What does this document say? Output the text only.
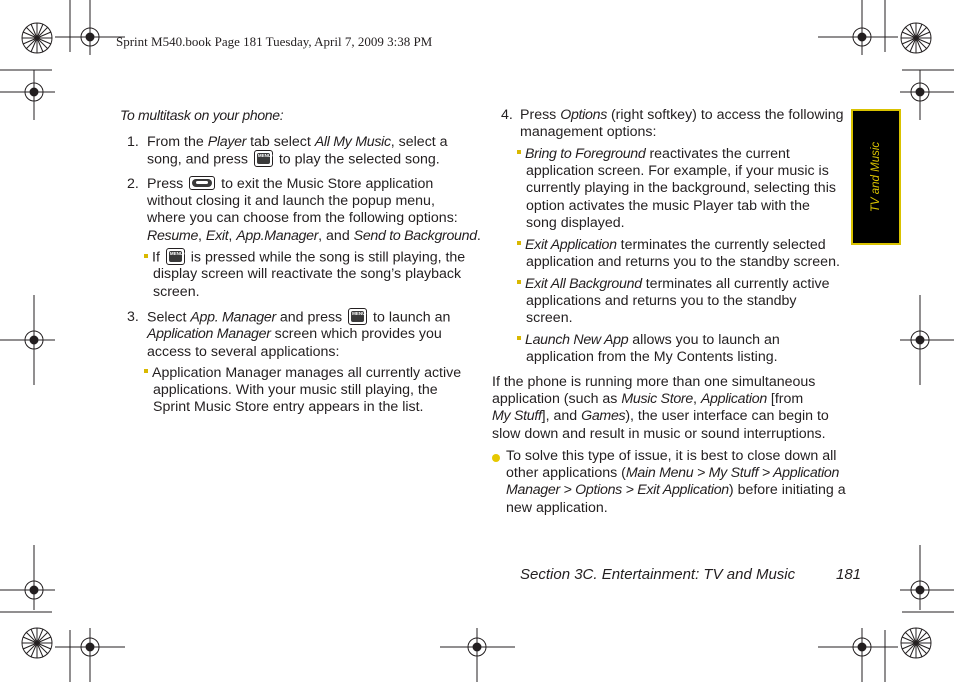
Sprint M540.book Page 181 Tuesday, April 7, 2009 3:38 PM
TV and Music
To multitask on your phone:
1. From the Player tab select All My Music, select a
song, and press MENU OK to play the selected song.
2. Press  to exit the Music Store application
without closing it and launch the popup menu,
where you can choose from the following options:
Resume, Exit, App.Manager, and Send to Background.
If MENU OK is pressed while the song is still playing, the
display screen will reactivate the song’s playback
screen.
3. Select App. Manager and press MENU OK to launch an
Application Manager screen which provides you
access to several applications:
Application Manager manages all currently active
applications. With your music still playing, the
Sprint Music Store entry appears in the list.
4. Press Options (right softkey) to access the following
management options:
Bring to Foreground reactivates the current
application screen. For example, if your music is
currently playing in the background, selecting this
option activates the music Player tab with the
song displayed.
Exit Application terminates the currently selected
application and returns you to the standby screen.
Exit All Background terminates all currently active
applications and returns you to the standby
screen.
Launch New App allows you to launch an
application from the My Contents listing.
If the phone is running more than one simultaneous
application (such as Music Store, Application [from
My Stuff], and Games), the user interface can begin to
slow down and result in music or sound interruptions.
To solve this type of issue, it is best to close down all
other applications (Main Menu > My Stuff > Application
Manager > Options > Exit Application) before initiating a
new application.
Section 3C. Entertainment: TV and Music	181
